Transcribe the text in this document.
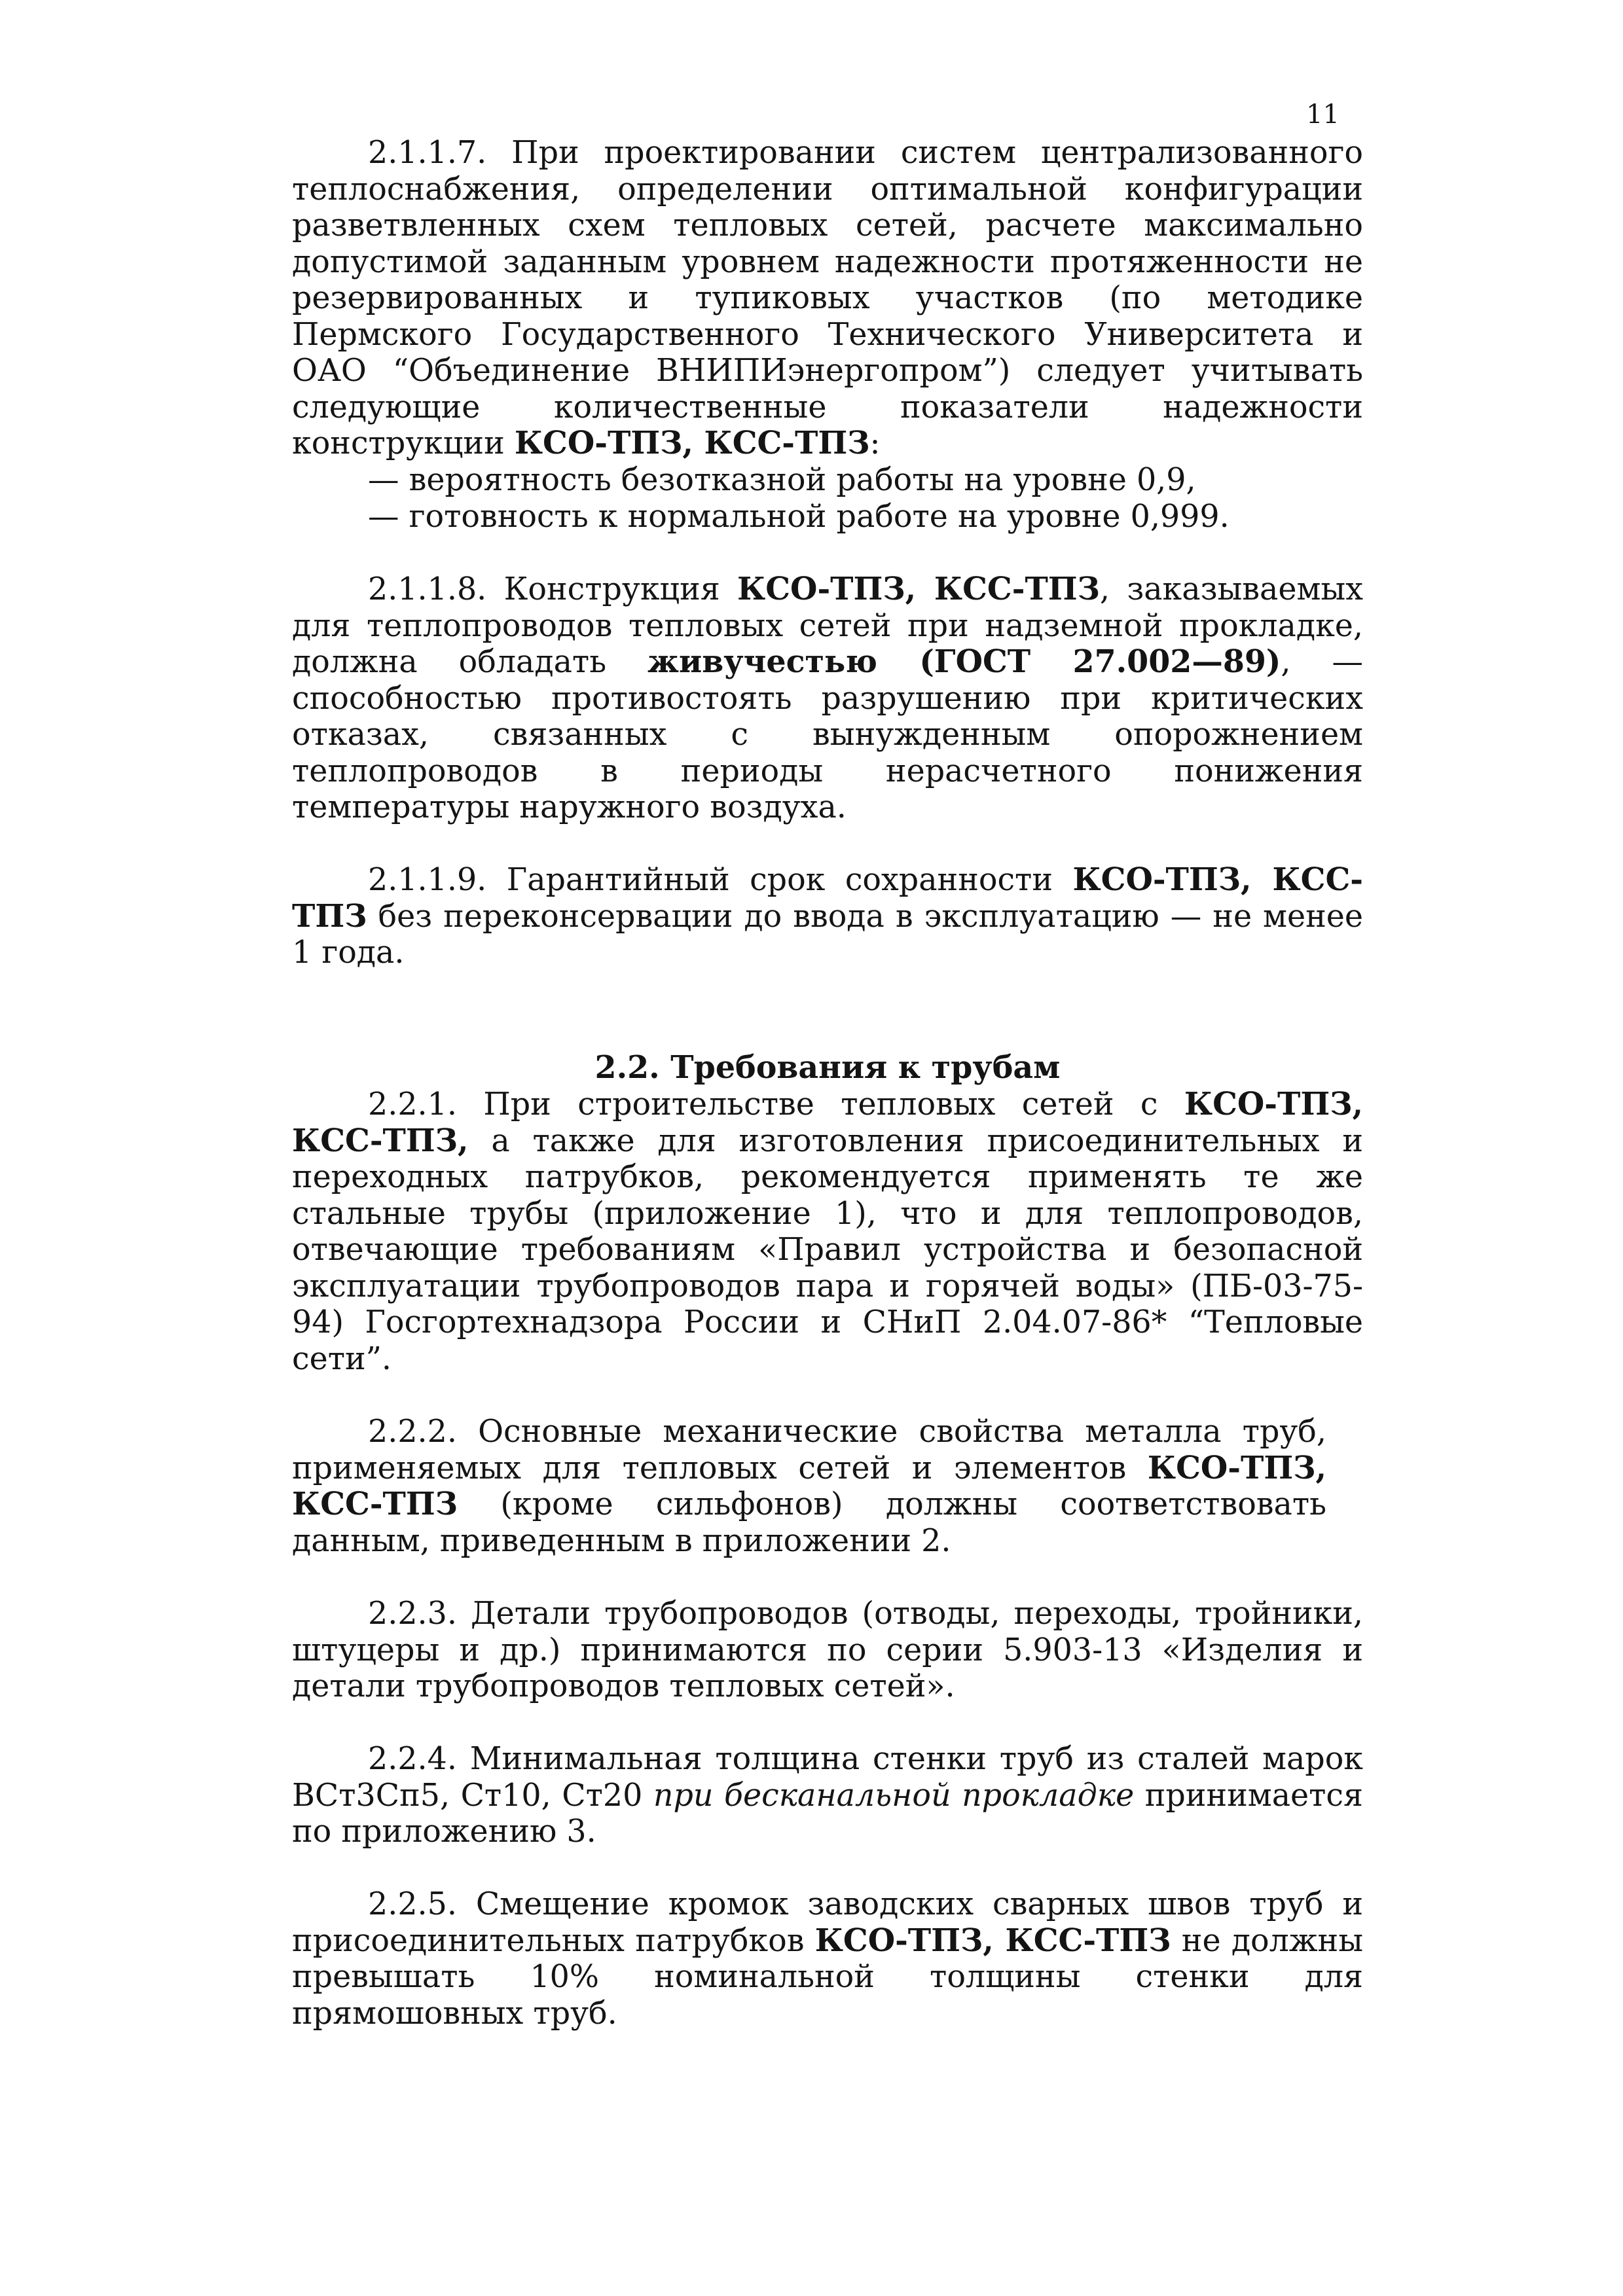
11

2.1.1.7. При проектировании систем централизованного теплоснабжения, определении оптимальной конфигурации разветвленных схем тепловых сетей, расчете максимально допустимой заданным уровнем надежности протяженности не резервированных и тупиковых участков (по методике Пермского Государственного Технического Университета и ОАО “Объединение ВНИПИэнергопром”) следует учитывать следующие количественные показатели надежности конструкции КСО-ТПЗ, КСС-ТПЗ:

— вероятность безотказной работы на уровне 0,9,

— готовность к нормальной работе на уровне 0,999.

2.1.1.8. Конструкция КСО-ТПЗ, КСС-ТПЗ, заказываемых для теплопроводов тепловых сетей при надземной прокладке, должна обладать живучестью (ГОСТ 27.002—89), — способностью противостоять разрушению при критических отказах, связанных с вынужденным опорожнением теплопроводов в периоды нерасчетного понижения температуры наружного воздуха.

2.1.1.9. Гарантийный срок сохранности КСО-ТПЗ, КСС-ТПЗ без переконсервации до ввода в эксплуатацию — не менее 1 года.

2.2. Требования к трубам

2.2.1. При строительстве тепловых сетей с КСО-ТПЗ, КСС-ТПЗ, а также для изготовления присоединительных и переходных патрубков, рекомендуется применять те же стальные трубы (приложение 1), что и для теплопроводов, отвечающие требованиям «Правил устройства и безопасной эксплуатации трубопроводов пара и горячей воды» (ПБ-03-75-94) Госгортехнадзора России и СНиП 2.04.07-86* “Тепловые сети”.

2.2.2. Основные механические свойства металла труб, применяемых для тепловых сетей и элементов КСО-ТПЗ, КСС-ТПЗ (кроме сильфонов) должны соответствовать данным, приведенным в приложении 2.

2.2.3. Детали трубопроводов (отводы, переходы, тройники, штуцеры и др.) принимаются по серии 5.903-13 «Изделия и детали трубопроводов тепловых сетей».

2.2.4. Минимальная толщина стенки труб из сталей марок ВСт3Сп5, Ст10, Ст20 при бесканальной прокладке принимается по приложению 3.

2.2.5. Смещение кромок заводских сварных швов труб и присоединительных патрубков КСО-ТПЗ, КСС-ТПЗ не должны превышать 10% номинальной толщины стенки для прямошовных труб.
